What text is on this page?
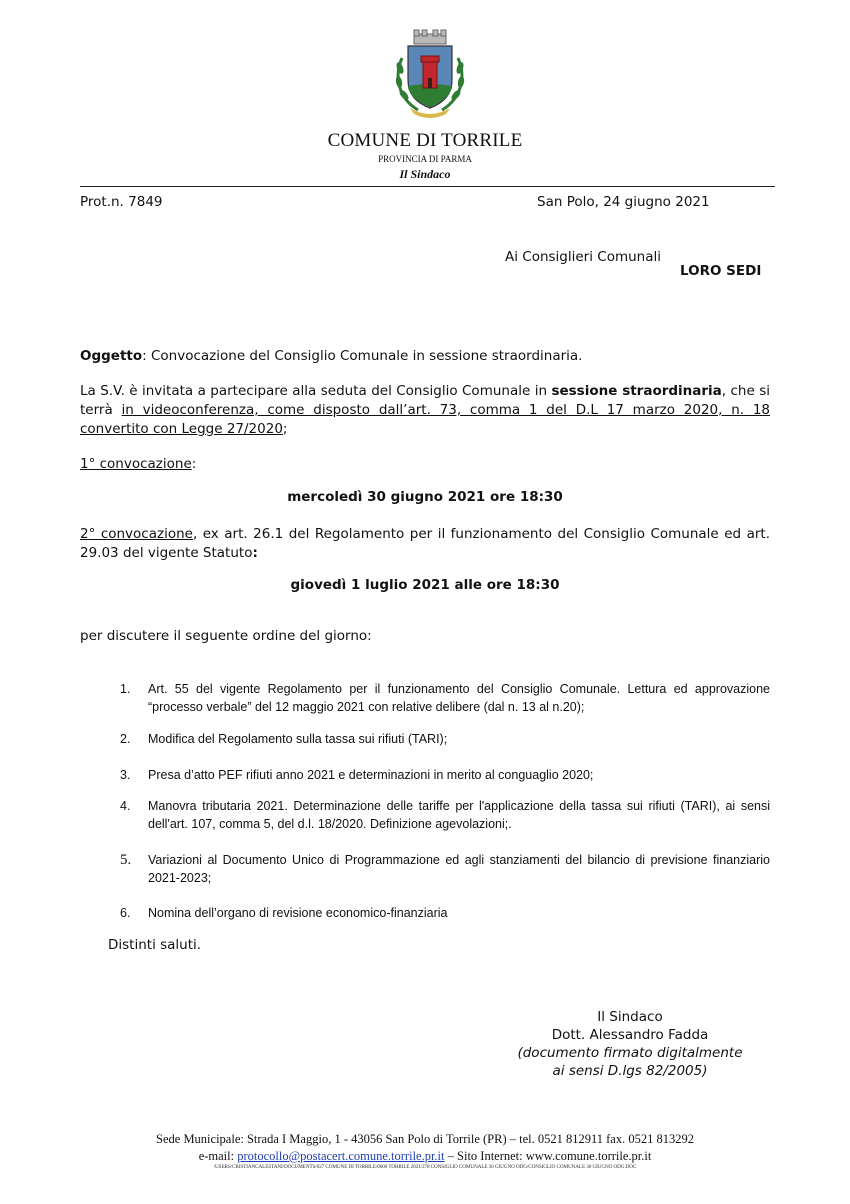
COMUNE DI TORRILE
PROVINCIA DI PARMA
Il Sindaco
Prot.n. 7849	San Polo, 24 giugno 2021
Ai Consiglieri Comunali
LORO SEDI
Oggetto: Convocazione del Consiglio Comunale in sessione straordinaria.
La S.V. è invitata a partecipare alla seduta del Consiglio Comunale in sessione straordinaria, che si terrà in videoconferenza, come disposto dall’art. 73, comma 1 del D.L 17 marzo 2020, n. 18 convertito con Legge 27/2020;
1° convocazione:
mercoledì 30 giugno 2021 ore 18:30
2° convocazione, ex art. 26.1 del Regolamento per il funzionamento del Consiglio Comunale ed art. 29.03 del vigente Statuto:
giovedì 1 luglio 2021 alle ore 18:30
per discutere il seguente ordine del giorno:
1.	Art. 55 del vigente Regolamento per il funzionamento del Consiglio Comunale. Lettura ed approvazione “processo verbale” del 12 maggio 2021 con relative delibere (dal n. 13 al n.20);
2.	Modifica del Regolamento sulla tassa sui rifiuti (TARI);
3.	Presa d’atto PEF rifiuti anno 2021 e determinazioni in merito al conguaglio 2020;
4.	Manovra tributaria 2021. Determinazione delle tariffe per l'applicazione della tassa sui rifiuti (TARI), ai sensi dell'art. 107, comma 5, del d.l. 18/2020. Definizione agevolazioni;.
5.	Variazioni al Documento Unico di Programmazione ed agli stanziamenti del bilancio di previsione finanziario 2021-2023;
6.	Nomina dell’organo di revisione economico-finanziaria
Distinti saluti.
Il Sindaco
Dott. Alessandro Fadda
(documento firmato digitalmente
ai sensi D.lgs 82/2005)
Sede Municipale: Strada I Maggio, 1 - 43056 San Polo di Torrile (PR) – tel. 0521 812911 fax. 0521 813292
e-mail: protocollo@postacert.comune.torrile.pr.it – Sito Internet: www.comune.torrile.pr.it
/USERS/CRISTIANCALESTANI/DOCUMENTS/027 COMUNE DI TORRILE/0000 TORRILE 2021/278 CONSIGLIO COMUNALE 30 GIUGNO ODG/CONSIGLIO COMUNALE 30 GIUGNO ODG.DOC
